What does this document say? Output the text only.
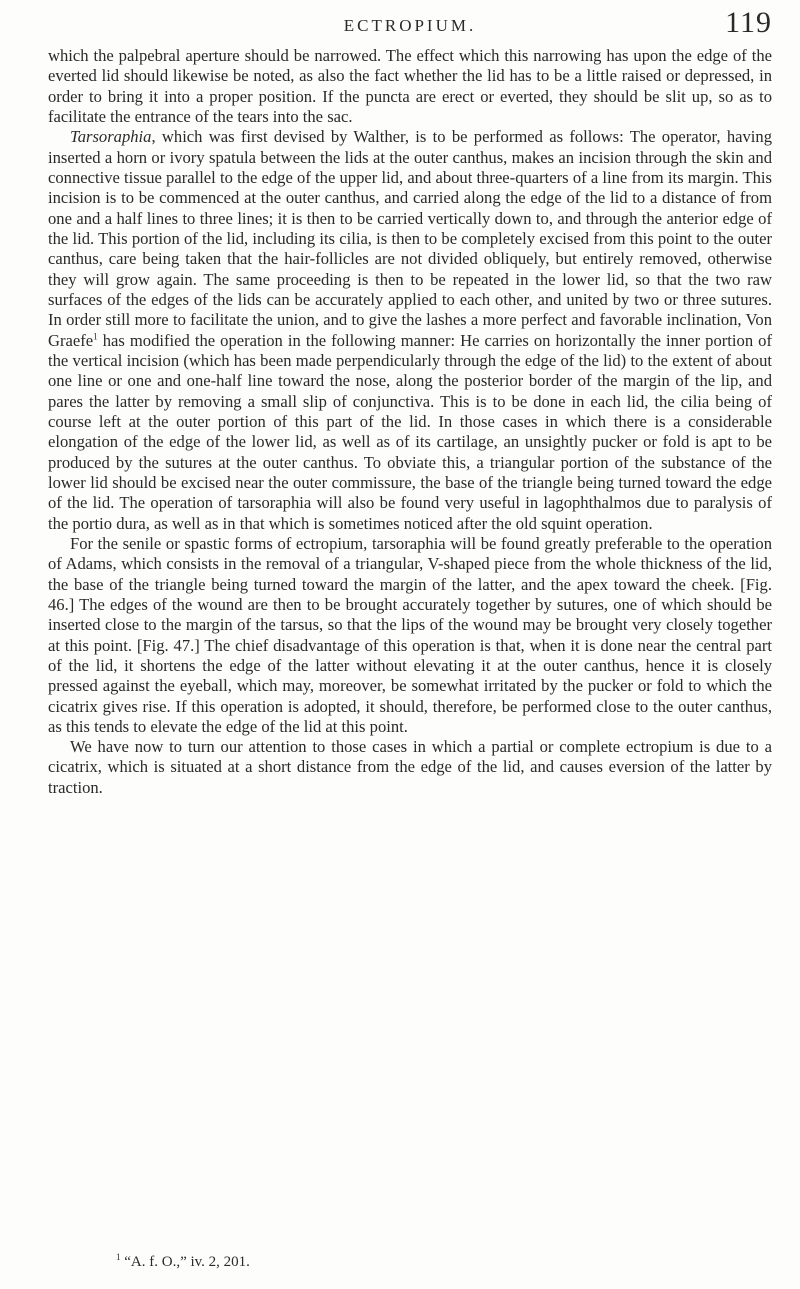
ECTROPIUM.	119

which the palpebral aperture should be narrowed. The effect which this narrowing has upon the edge of the everted lid should likewise be noted, as also the fact whether the lid has to be a little raised or depressed, in order to bring it into a proper position. If the puncta are erect or everted, they should be slit up, so as to facilitate the entrance of the tears into the sac.

Tarsoraphia, which was first devised by Walther, is to be performed as follows: The operator, having inserted a horn or ivory spatula between the lids at the outer canthus, makes an incision through the skin and connective tissue parallel to the edge of the upper lid, and about three-quarters of a line from its margin. This incision is to be commenced at the outer canthus, and carried along the edge of the lid to a distance of from one and a half lines to three lines; it is then to be carried vertically down to, and through the anterior edge of the lid. This portion of the lid, including its cilia, is then to be completely excised from this point to the outer canthus, care being taken that the hair-follicles are not divided obliquely, but entirely removed, otherwise they will grow again. The same proceeding is then to be repeated in the lower lid, so that the two raw surfaces of the edges of the lids can be accurately applied to each other, and united by two or three sutures. In order still more to facilitate the union, and to give the lashes a more perfect and favorable inclination, Von Graefe$^1$ has modified the operation in the following manner: He carries on horizontally the inner portion of the vertical incision (which has been made perpendicularly through the edge of the lid) to the extent of about one line or one and one-half line toward the nose, along the posterior border of the margin of the lip, and pares the latter by removing a small slip of conjunctiva. This is to be done in each lid, the cilia being of course left at the outer portion of this part of the lid. In those cases in which there is a considerable elongation of the edge of the lower lid, as well as of its cartilage, an unsightly pucker or fold is apt to be produced by the sutures at the outer canthus. To obviate this, a triangular portion of the substance of the lower lid should be excised near the outer commissure, the base of the triangle being turned toward the edge of the lid. The operation of tarsoraphia will also be found very useful in lagophthalmos due to paralysis of the portio dura, as well as in that which is sometimes noticed after the old squint operation.

For the senile or spastic forms of ectropium, tarsoraphia will be found greatly preferable to the operation of Adams, which consists in the removal of a triangular, V-shaped piece from the whole thickness of the lid, the base of the triangle being turned toward the margin of the latter, and the apex toward the cheek. [Fig. 46.] The edges of the wound are then to be brought accurately together by sutures, one of which should be inserted close to the margin of the tarsus, so that the lips of the wound may be brought very closely together at this point. [Fig. 47.] The chief disadvantage of this operation is that, when it is done near the central part of the lid, it shortens the edge of the latter without elevating it at the outer canthus, hence it is closely pressed against the eyeball, which may, moreover, be somewhat irritated by the pucker or fold to which the cicatrix gives rise. If this operation is adopted, it should, therefore, be performed close to the outer canthus, as this tends to elevate the edge of the lid at this point.

We have now to turn our attention to those cases in which a partial or complete ectropium is due to a cicatrix, which is situated at a short distance from the edge of the lid, and causes eversion of the latter by traction.

$^1$ “A. f. O.,” iv. 2, 201.
